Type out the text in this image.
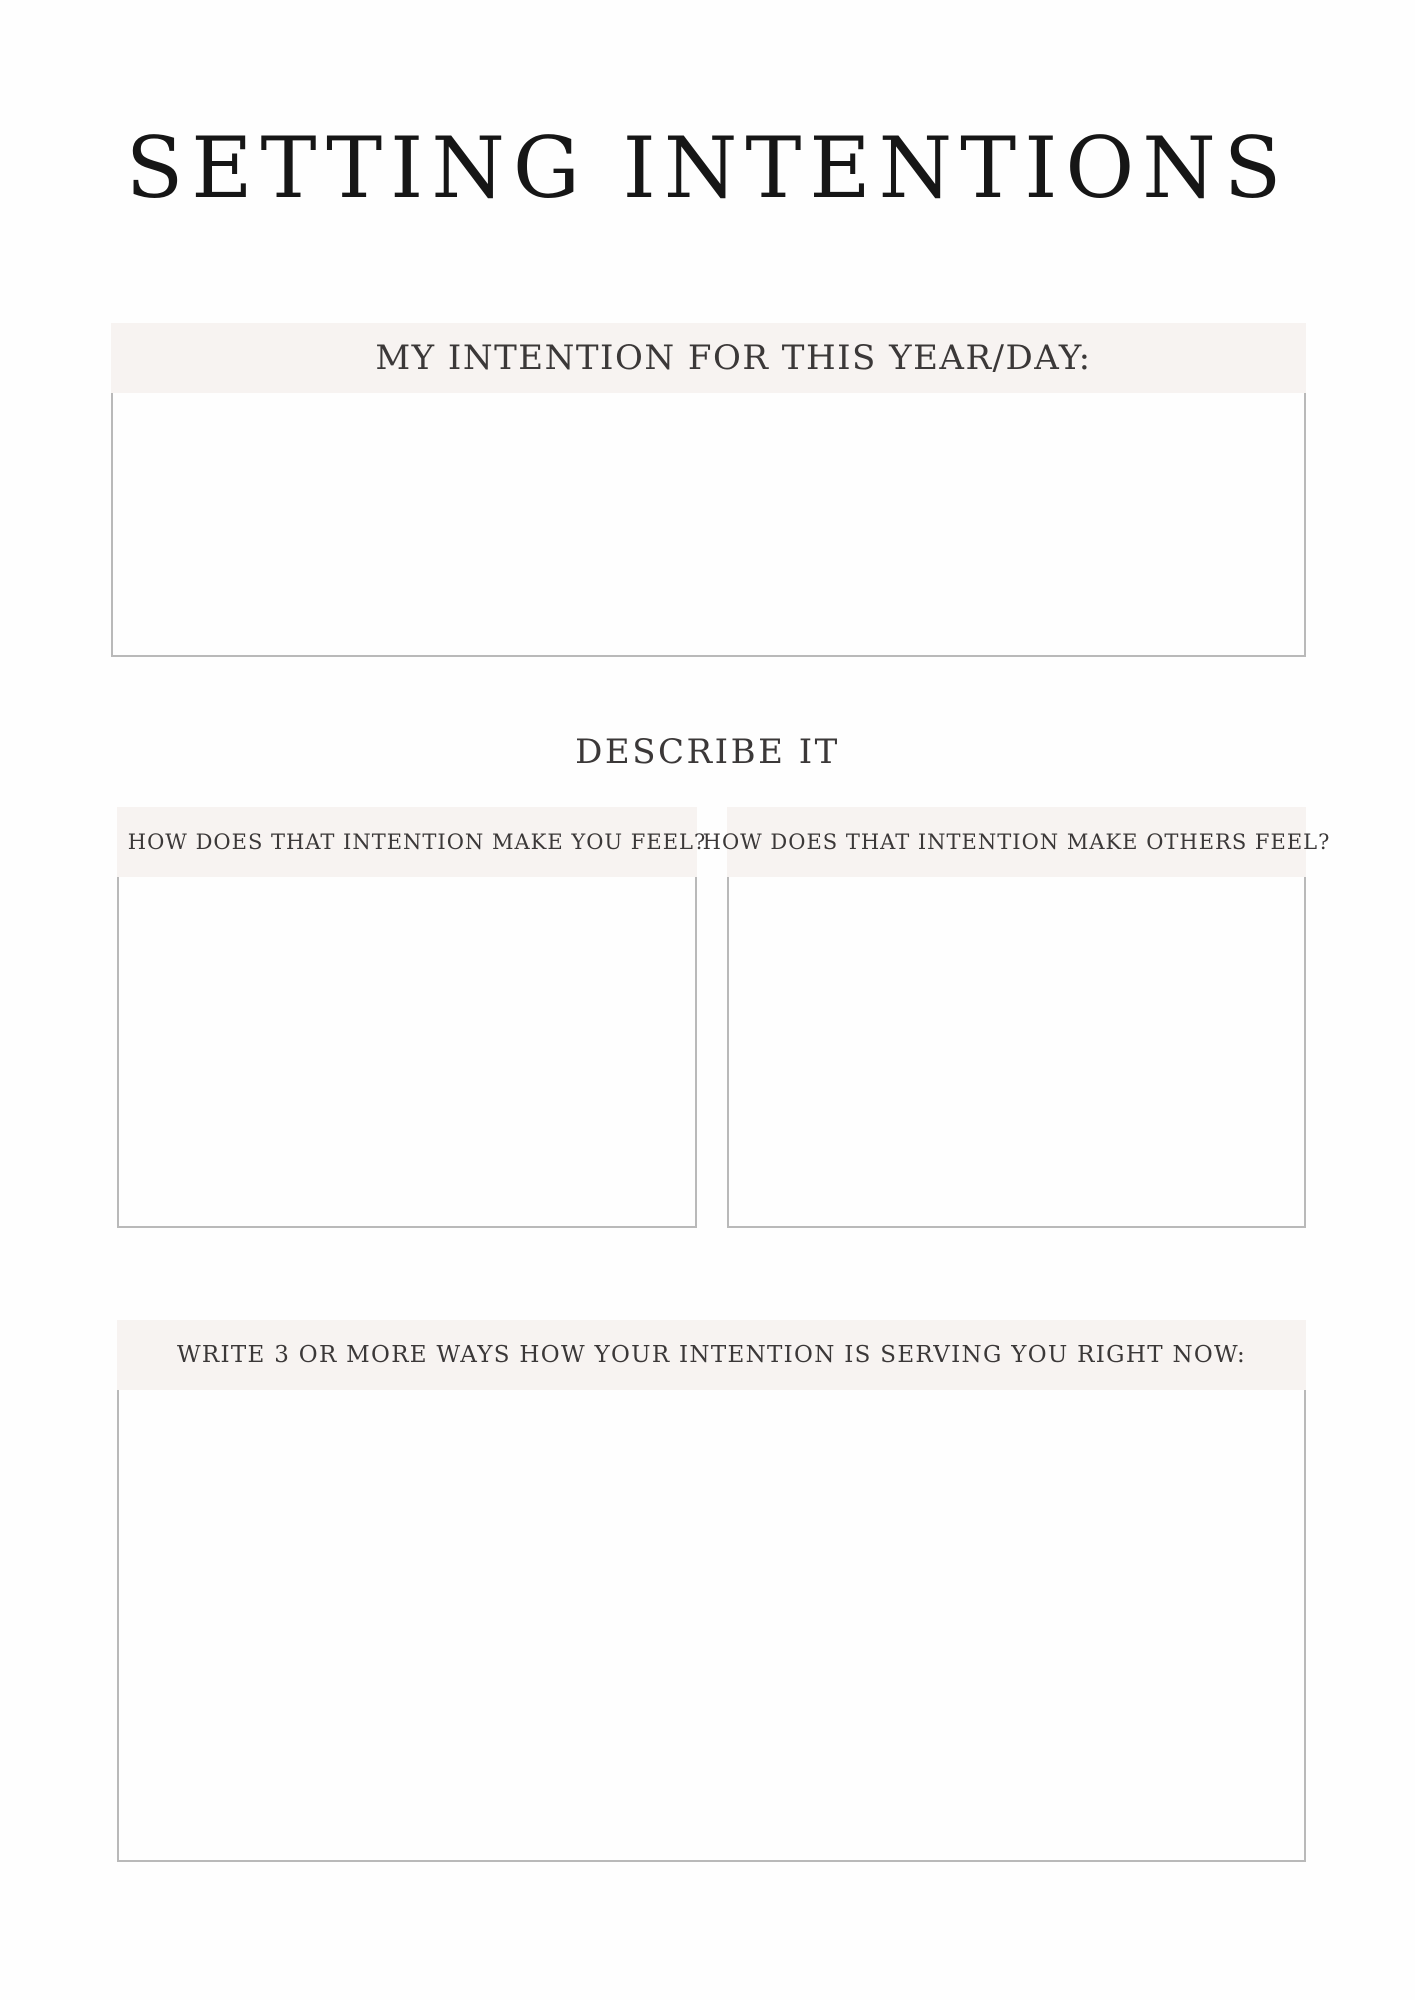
SETTING INTENTIONS
MY INTENTION FOR THIS YEAR/DAY:
DESCRIBE IT
HOW DOES THAT INTENTION MAKE YOU FEEL?
HOW DOES THAT INTENTION MAKE OTHERS FEEL?
WRITE 3 OR MORE WAYS HOW YOUR INTENTION IS SERVING YOU RIGHT NOW:
